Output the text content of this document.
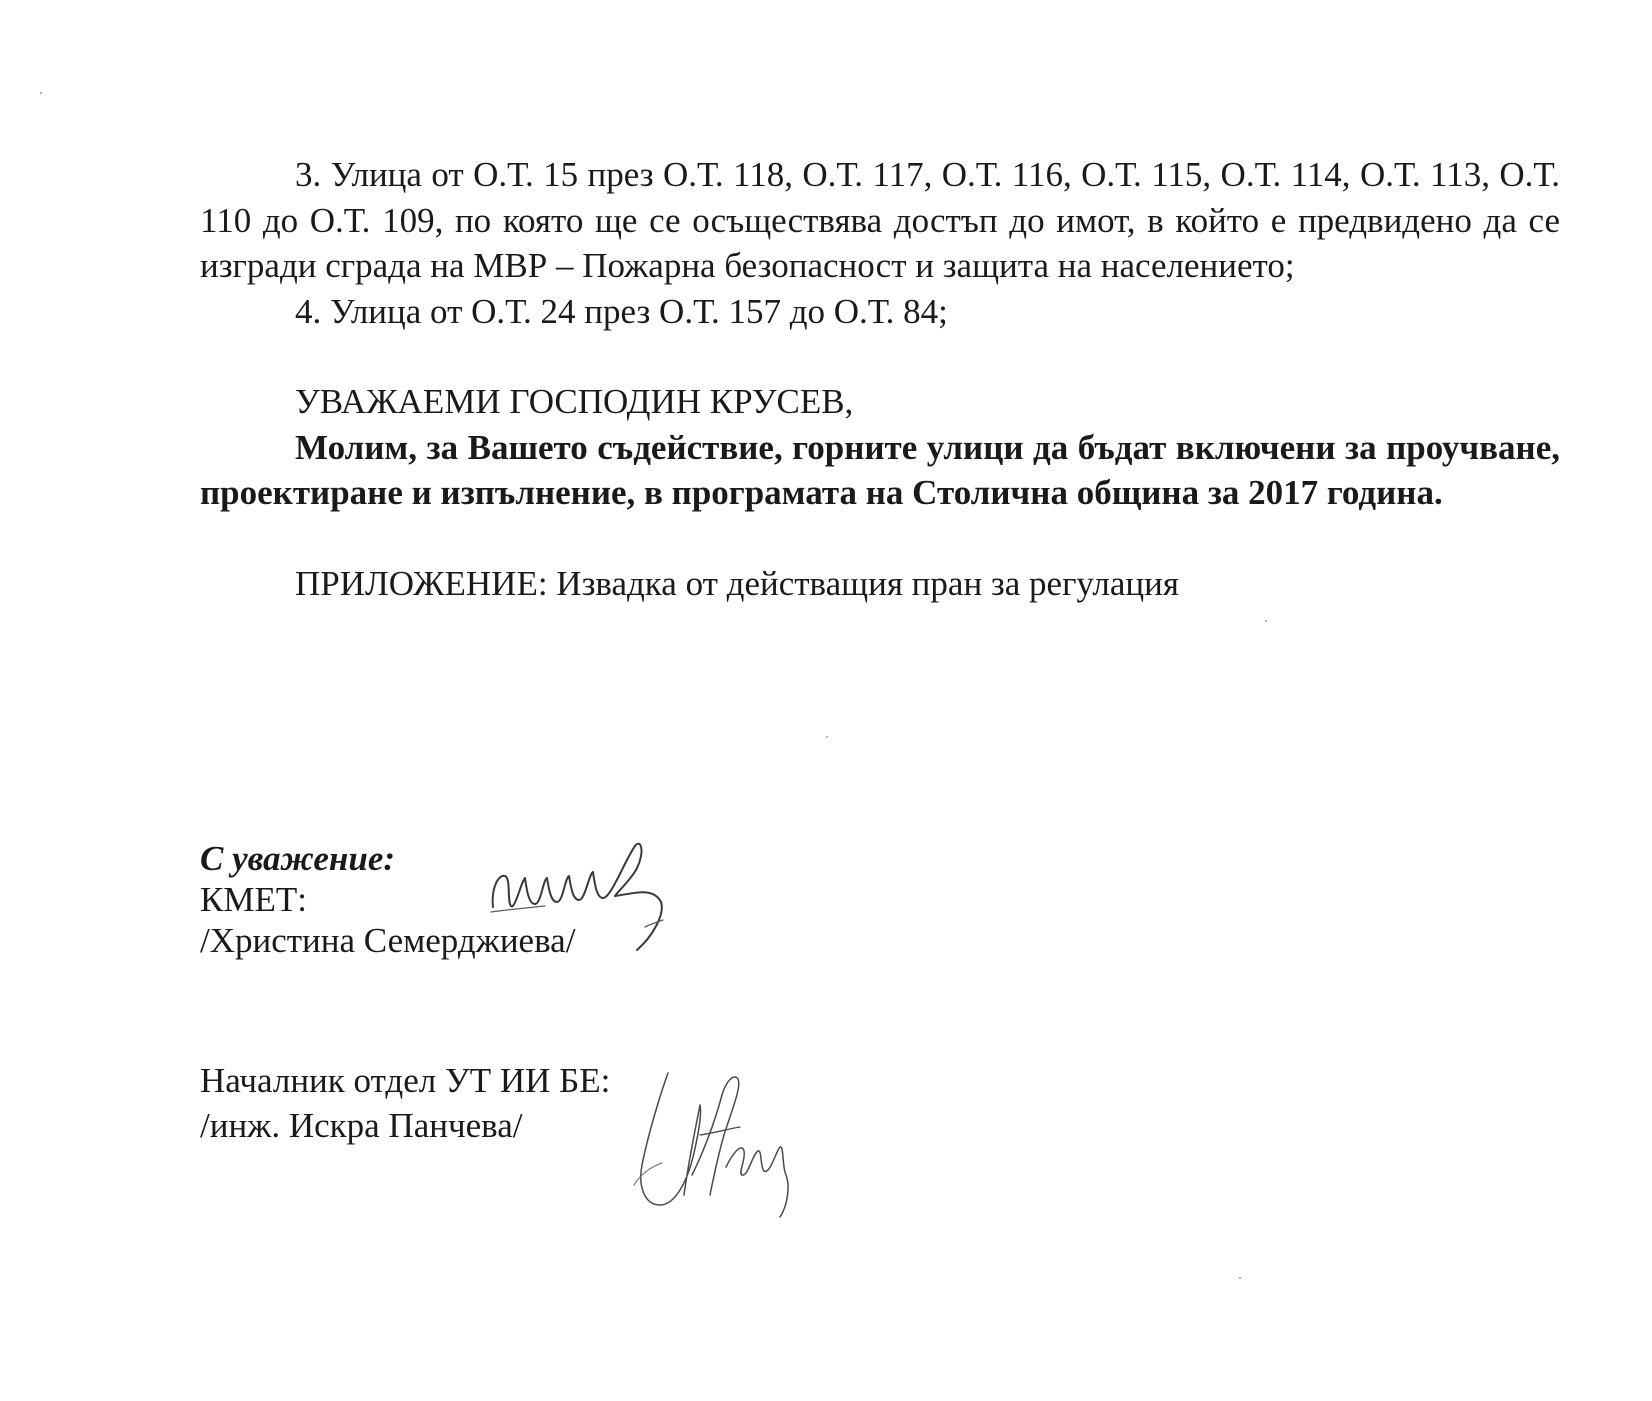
3. Улица от О.Т. 15 през О.Т. 118, О.Т. 117, О.Т. 116, О.Т. 115, О.Т. 114, О.Т. 113, О.Т. 110 до О.Т. 109, по която ще се осъществява достъп до имот, в който е предвидено да се изгради сграда на МВР – Пожарна безопасност и защита на населението;

4. Улица от О.Т. 24 през О.Т. 157 до О.Т. 84;

УВАЖАЕМИ ГОСПОДИН КРУСЕВ,

Молим, за Вашето съдействие, горните улици да бъдат включени за проучване, проектиране и изпълнение, в програмата на Столична община за 2017 година.

ПРИЛОЖЕНИЕ: Извадка от действащия пран за регулация

С уважение:
КМЕТ:
/Христина Семерджиева/
Началник отдел УТ ИИ БЕ:
/инж. Искра Панчева/
